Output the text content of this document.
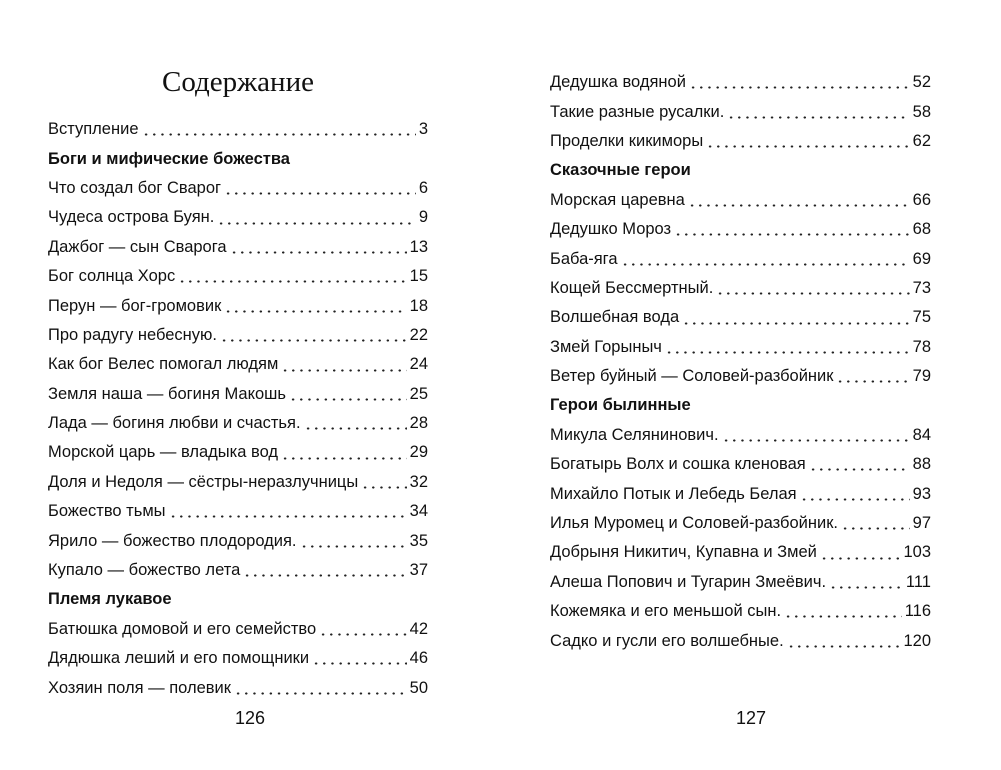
Содержание
Вступление	3
Боги и мифические божества
Что создал бог Сварог	6
Чудеса острова Буян.	9
Дажбог — сын Сварога	13
Бог солнца Хорс	15
Перун — бог-громовик	18
Про радугу небесную.	22
Как бог Велес помогал людям	24
Земля наша — богиня Макошь	25
Лада — богиня любви и счастья.	28
Морской царь — владыка вод	29
Доля и Недоля — сёстры-неразлучницы	32
Божество тьмы	34
Ярило — божество плодородия.	35
Купало — божество лета	37
Племя лукавое
Батюшка домовой и его семейство	42
Дядюшка леший и его помощники	46
Хозяин поля — полевик	50
126
Дедушка водяной	52
Такие разные русалки.	58
Проделки кикиморы	62
Сказочные герои
Морская царевна	66
Дедушко Мороз	68
Баба-яга	69
Кощей Бессмертный.	73
Волшебная вода	75
Змей Горыныч	78
Ветер буйный — Соловей-разбойник	79
Герои былинные
Микула Селянинович.	84
Богатырь Волх и сошка кленовая	88
Михайло Потык и Лебедь Белая	93
Илья Муромец и Соловей-разбойник.	97
Добрыня Никитич, Купавна и Змей	103
Алеша Попович и Тугарин Змеёвич.	111
Кожемяка и его меньшой сын.	116
Садко и гусли его волшебные.	120
127
